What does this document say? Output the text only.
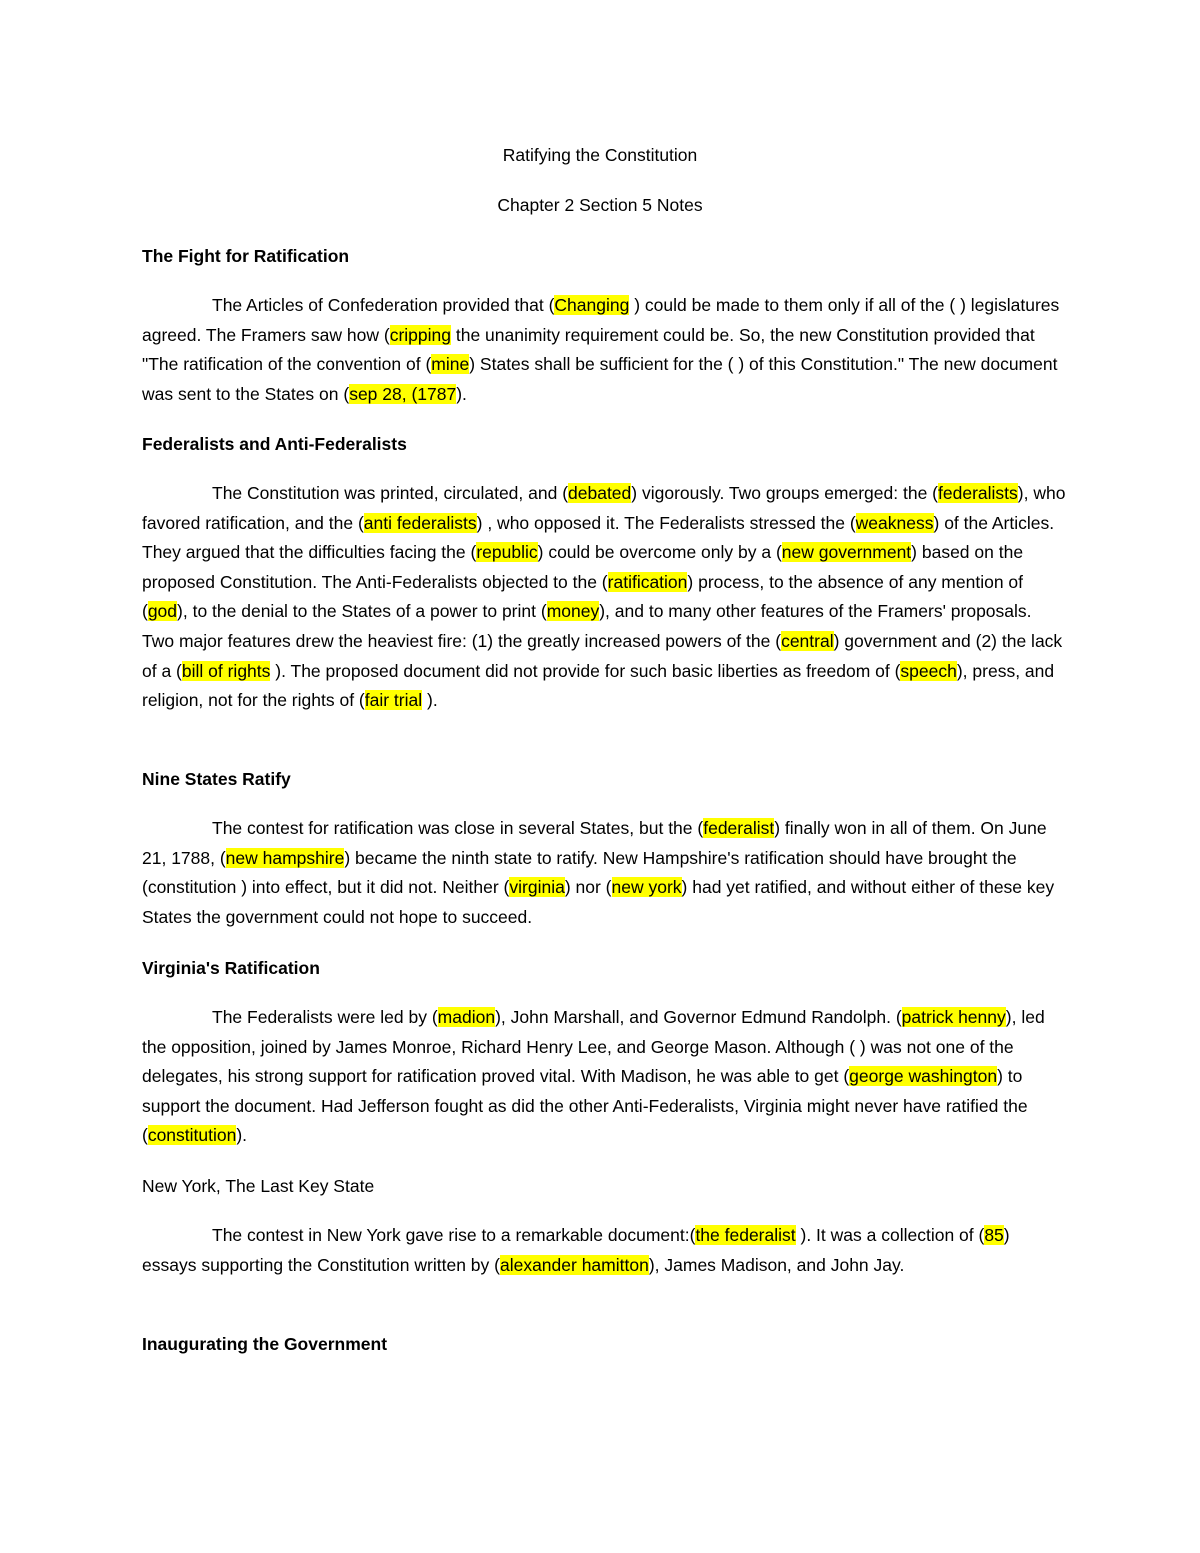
Ratifying the Constitution
Chapter 2 Section 5 Notes
The Fight for Ratification
The Articles of Confederation provided that (Changing ) could be made to them only if all of the ( ) legislatures agreed. The Framers saw how (cripping the unanimity requirement could be. So, the new Constitution provided that "The ratification of the convention of (mine) States shall be sufficient for the ( ) of this Constitution." The new document was sent to the States on (sep 28, (1787).
Federalists and Anti-Federalists
The Constitution was printed, circulated, and (debated) vigorously. Two groups emerged: the (federalists), who favored ratification, and the (anti federalists) , who opposed it. The Federalists stressed the (weakness) of the Articles. They argued that the difficulties facing the (republic) could be overcome only by a (new government) based on the proposed Constitution. The Anti-Federalists objected to the (ratification) process, to the absence of any mention of (god), to the denial to the States of a power to print (money), and to many other features of the Framers' proposals. Two major features drew the heaviest fire: (1) the greatly increased powers of the (central) government and (2) the lack of a (bill of rights ). The proposed document did not provide for such basic liberties as freedom of (speech), press, and religion, not for the rights of (fair trial ).
Nine States Ratify
The contest for ratification was close in several States, but the (federalist) finally won in all of them. On June 21, 1788, (new hampshire) became the ninth state to ratify. New Hampshire's ratification should have brought the (constitution ) into effect, but it did not. Neither (virginia) nor (new york) had yet ratified, and without either of these key States the government could not hope to succeed.
Virginia's Ratification
The Federalists were led by (madion), John Marshall, and Governor Edmund Randolph. (patrick henny), led the opposition, joined by James Monroe, Richard Henry Lee, and George Mason. Although ( ) was not one of the delegates, his strong support for ratification proved vital. With Madison, he was able to get (george washington) to support the document. Had Jefferson fought as did the other Anti-Federalists, Virginia might never have ratified the (constitution).
New York, The Last Key State
The contest in New York gave rise to a remarkable document:(the federalist ). It was a collection of (85) essays supporting the Constitution written by (alexander hamitton), James Madison, and John Jay.
Inaugurating the Government
